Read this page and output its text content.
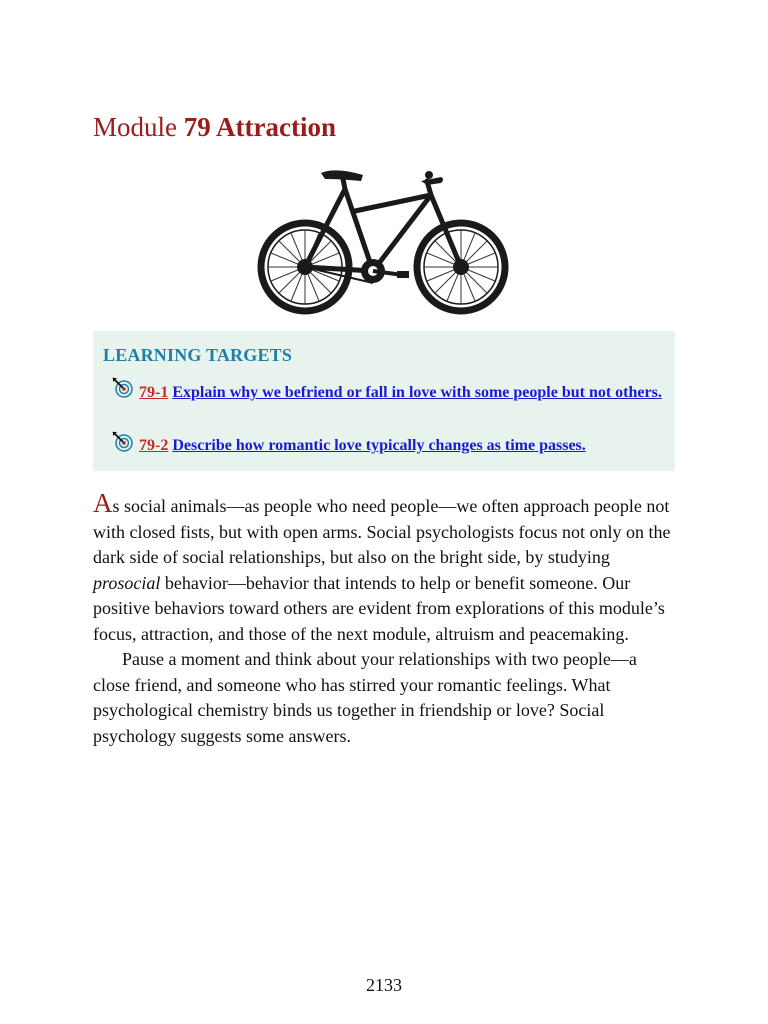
Module 79 Attraction
LEARNING TARGETS
79-1 Explain why we befriend or fall in love with some people but not others.
79-2 Describe how romantic love typically changes as time passes.

As social animals—as people who need people—we often approach people not with closed fists, but with open arms. Social psychologists focus not only on the dark side of social relationships, but also on the bright side, by studying prosocial behavior—behavior that intends to help or benefit someone. Our positive behaviors toward others are evident from explorations of this module’s focus, attraction, and those of the next module, altruism and peacemaking.

Pause a moment and think about your relationships with two people—a close friend, and someone who has stirred your romantic feelings. What psychological chemistry binds us together in friendship or love? Social psychology suggests some answers.

2133
